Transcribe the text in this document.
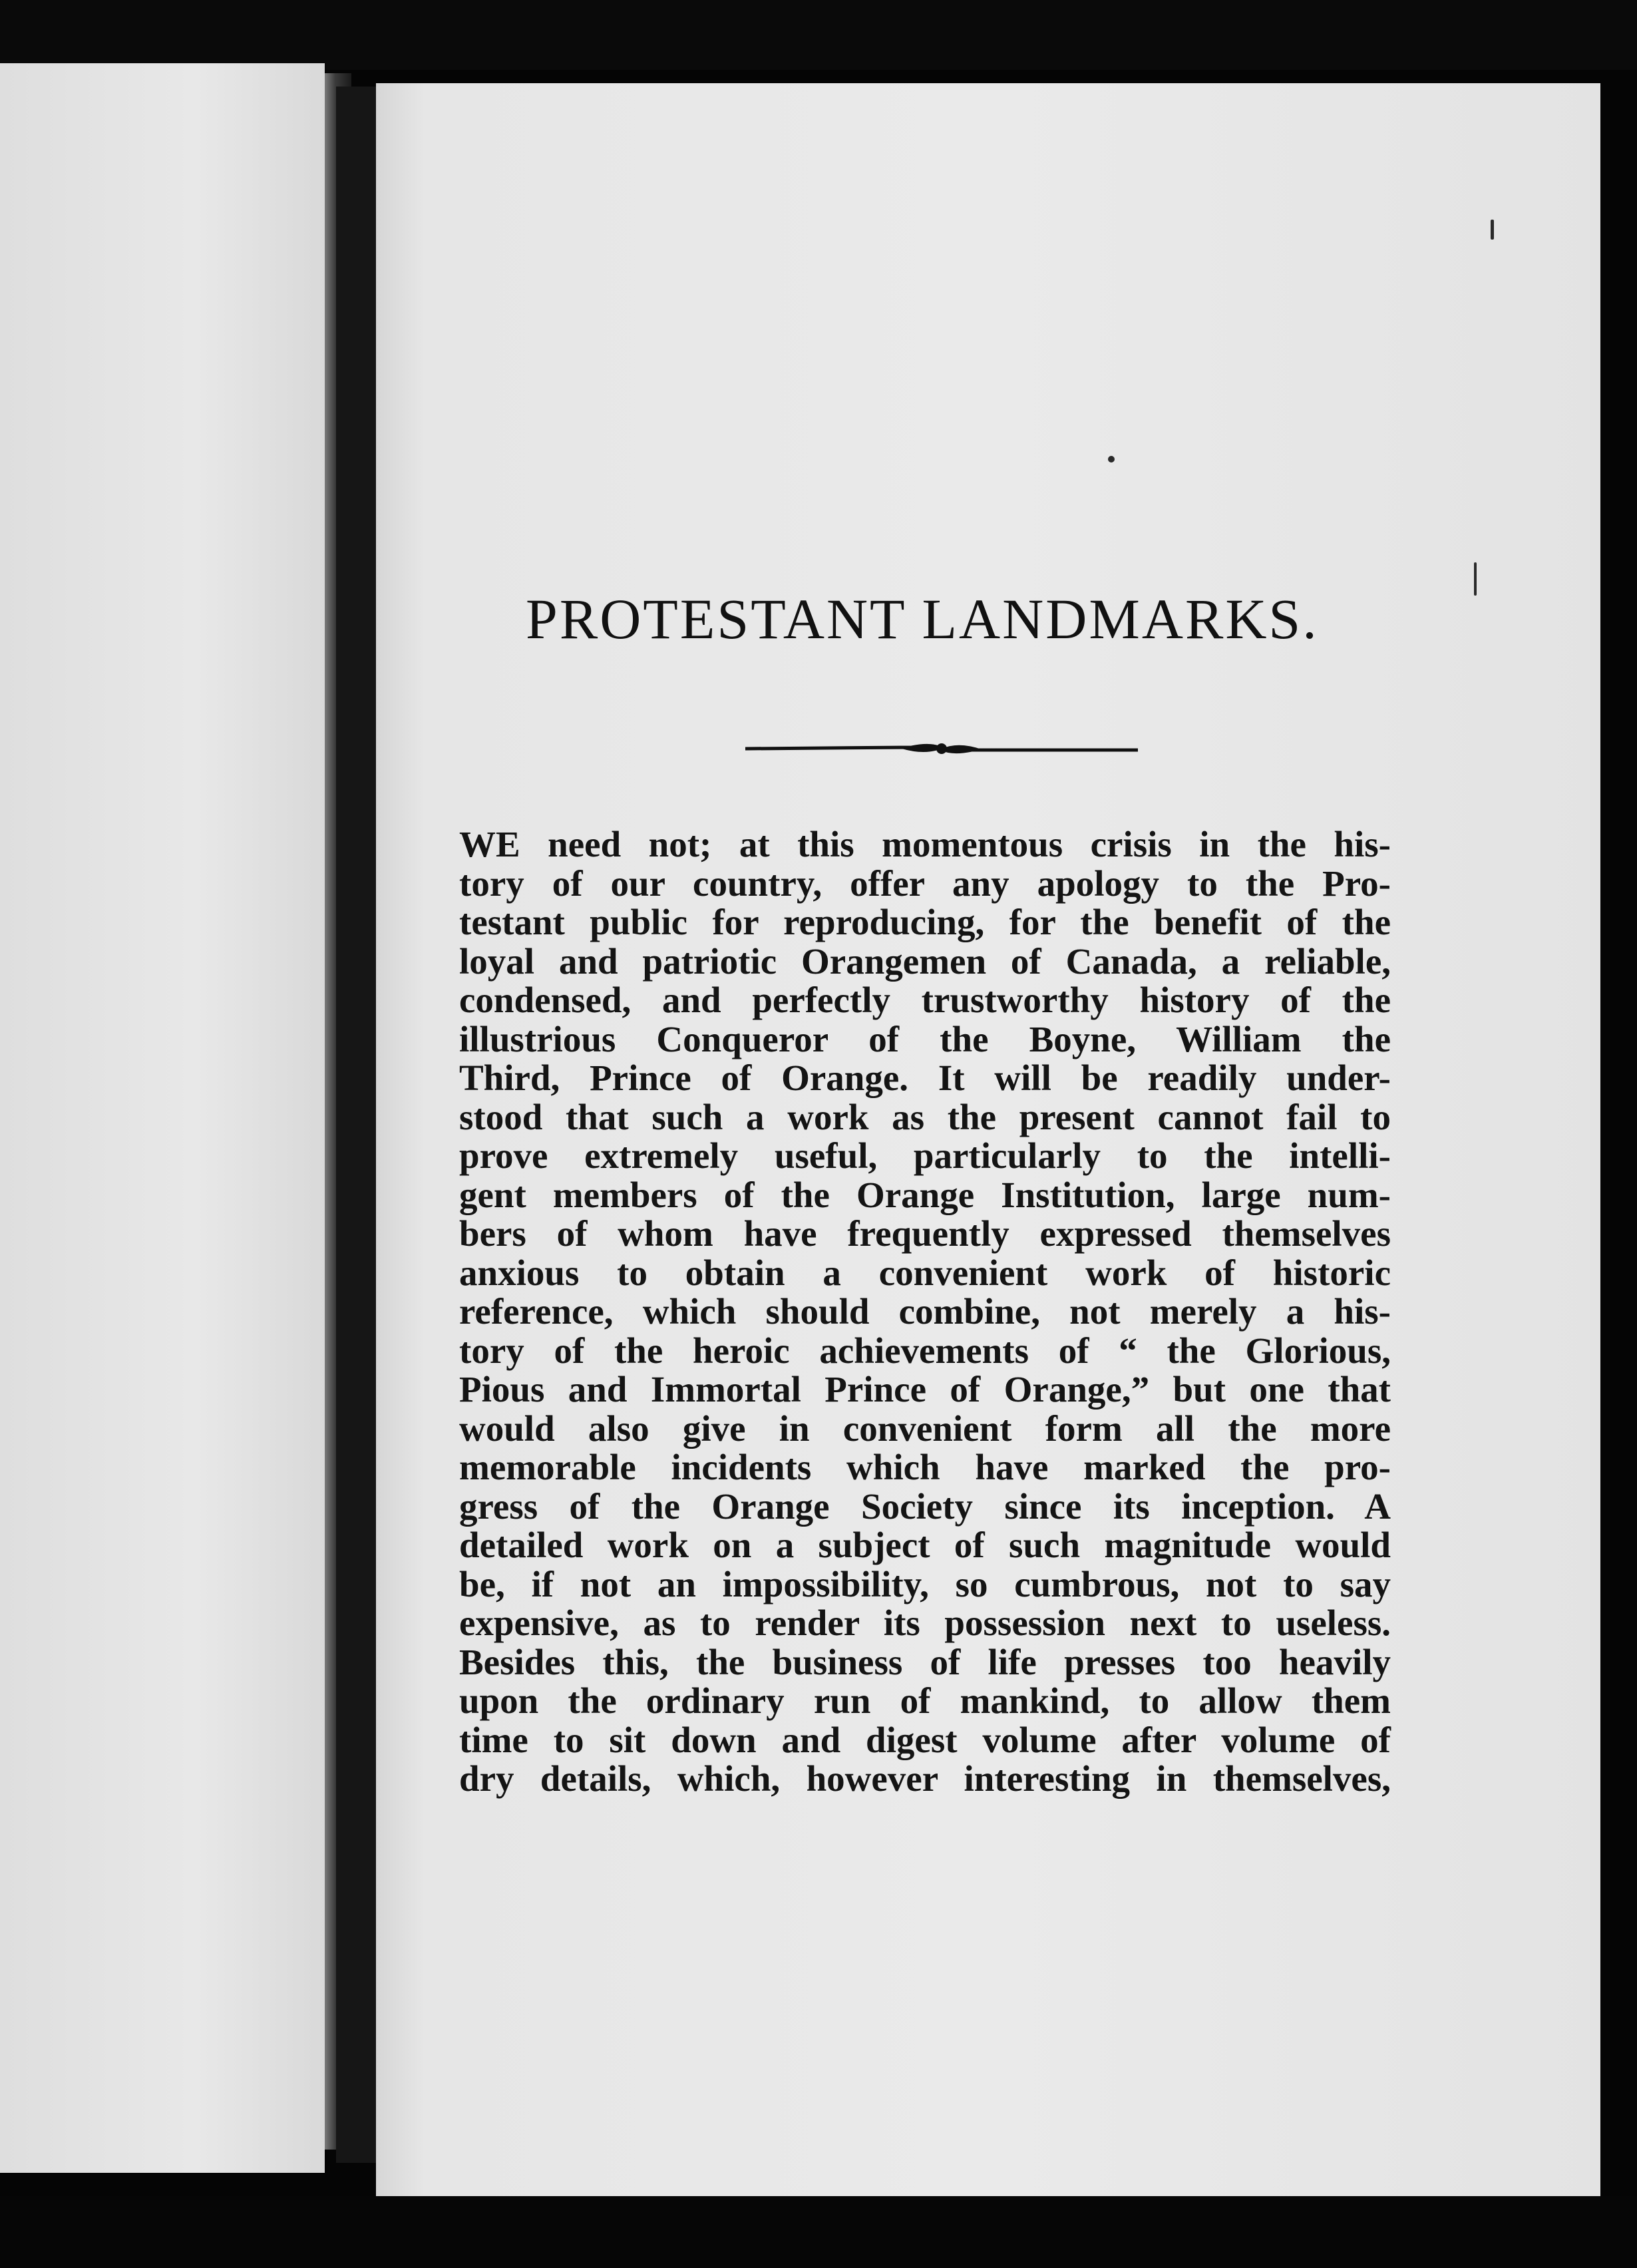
PROTESTANT LANDMARKS.
WE need not; at this momentous crisis in the his-
tory of our country, offer any apology to the Pro-
testant public for reproducing, for the benefit of the
loyal and patriotic Orangemen of Canada, a reliable,
condensed, and perfectly trustworthy history of the
illustrious Conqueror of the Boyne, William the
Third, Prince of Orange. It will be readily under-
stood that such a work as the present cannot fail to
prove extremely useful, particularly to the intelli-
gent members of the Orange Institution, large num-
bers of whom have frequently expressed themselves
anxious to obtain a convenient work of historic
reference, which should combine, not merely a his-
tory of the heroic achievements of “ the Glorious,
Pious and Immortal Prince of Orange,” but one that
would also give in convenient form all the more
memorable incidents which have marked the pro-
gress of the Orange Society since its inception. A
detailed work on a subject of such magnitude would
be, if not an impossibility, so cumbrous, not to say
expensive, as to render its possession next to useless.
Besides this, the business of life presses too heavily
upon the ordinary run of mankind, to allow them
time to sit down and digest volume after volume of
dry details, which, however interesting in themselves,
